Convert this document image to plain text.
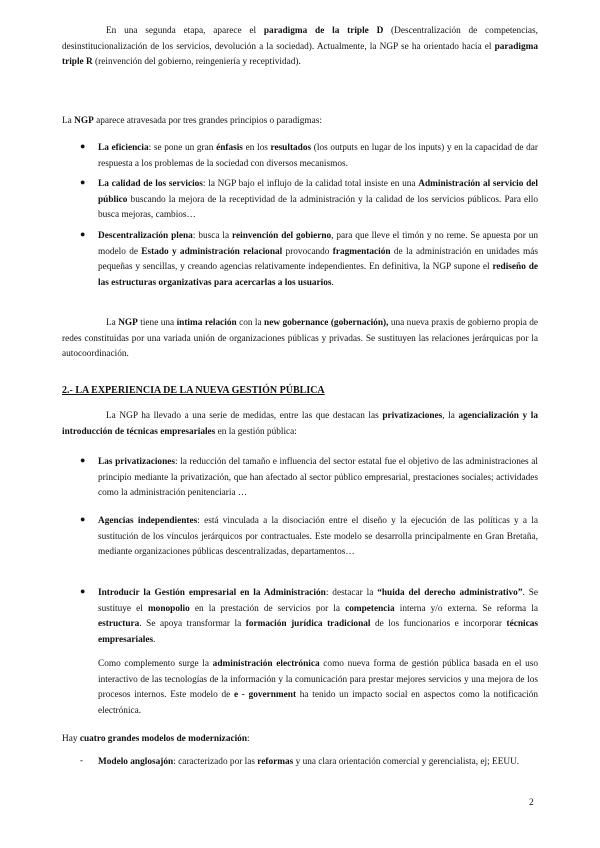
En una segunda etapa, aparece el paradigma de la triple D (Descentralización de competencias, desinstitucionalización de los servicios, devolución a la sociedad). Actualmente, la NGP se ha orientado hacia el paradigma triple R (reinvención del gobierno, reingeniería y receptividad).

La NGP aparece atravesada por tres grandes principios o paradigmas:

● La eficiencia: se pone un gran énfasis en los resultados (los outputs en lugar de los inputs) y en la capacidad de dar respuesta a los problemas de la sociedad con diversos mecanismos.

● La calidad de los servicios: la NGP bajo el influjo de la calidad total insiste en una Administración al servicio del público buscando la mejora de la receptividad de la administración y la calidad de los servicios públicos. Para ello busca mejoras, cambios…

● Descentralización plena: busca la reinvención del gobierno, para que lleve el timón y no reme. Se apuesta por un modelo de Estado y administración relacional provocando fragmentación de la administración en unidades más pequeñas y sencillas, y creando agencias relativamente independientes. En definitiva, la NGP supone el rediseño de las estructuras organizativas para acercarlas a los usuarios.

La NGP tiene una íntima relación con la new gobernance (gobernación), una nueva praxis de gobierno propia de redes constituidas por una variada unión de organizaciones públicas y privadas. Se sustituyen las relaciones jerárquicas por la autocoordinación.

2.- LA EXPERIENCIA DE LA NUEVA GESTIÓN PÚBLICA

La NGP ha llevado a una serie de medidas, entre las que destacan las privatizaciones, la agencialización y la introducción de técnicas empresariales en la gestión pública:

● Las privatizaciones: la reducción del tamaño e influencia del sector estatal fue el objetivo de las administraciones al principio mediante la privatización, que han afectado al sector público empresarial, prestaciones sociales; actividades como la administración penitenciaria …

● Agencias independientes: está vinculada a la disociación entre el diseño y la ejecución de las políticas y a la sustitución de los vínculos jerárquicos por contractuales. Este modelo se desarrolla principalmente en Gran Bretaña, mediante organizaciones públicas descentralizadas, departamentos…

● Introducir la Gestión empresarial en la Administración: destacar la “huida del derecho administrativo”. Se sustituye el monopolio en la prestación de servicios por la competencia interna y/o externa. Se reforma la estructura. Se apoya transformar la formación jurídica tradicional de los funcionarios e incorporar técnicas empresariales.

Como complemento surge la administración electrónica como nueva forma de gestión pública basada en el uso interactivo de las tecnologías de la información y la comunicación para prestar mejores servicios y una mejora de los procesos internos. Este modelo de e - government ha tenido un impacto social en aspectos como la notificación electrónica.

Hay cuatro grandes modelos de modernización:

- Modelo anglosajón: caracterizado por las reformas y una clara orientación comercial y gerencialista, ej; EEUU.

2
